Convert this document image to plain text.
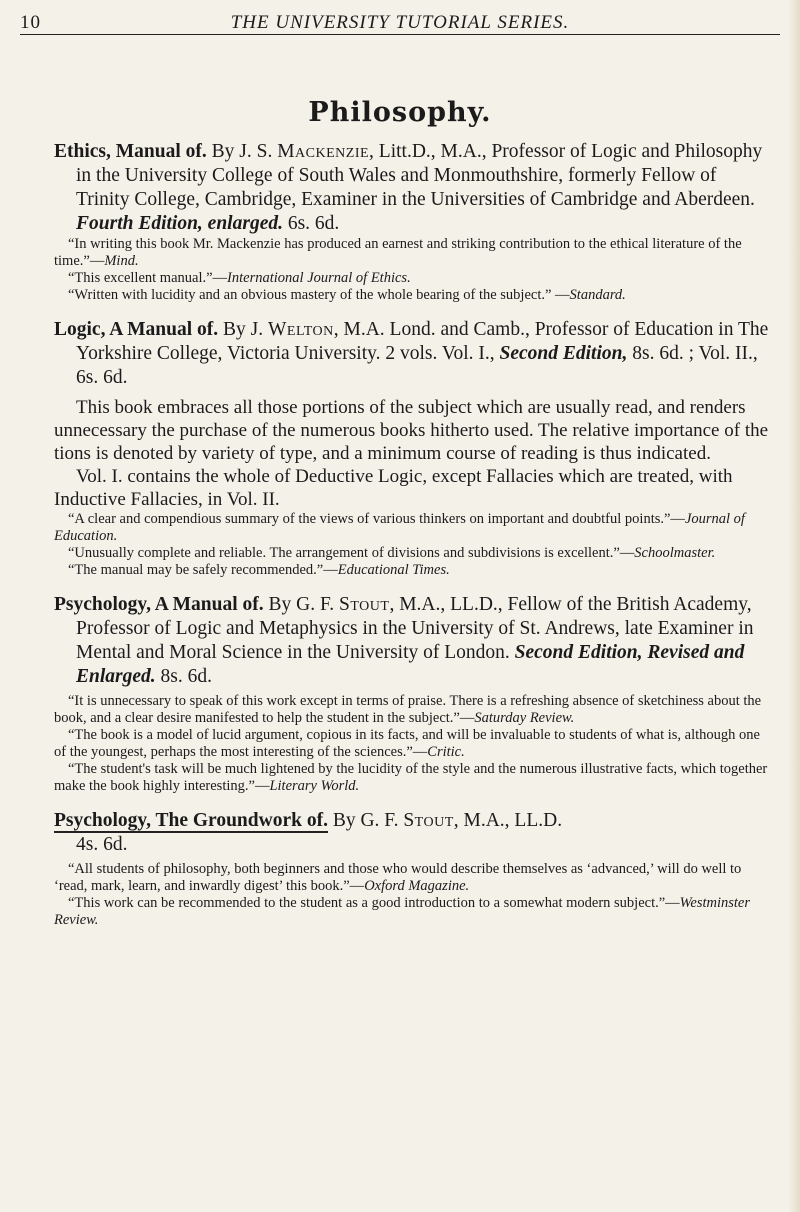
10	THE UNIVERSITY TUTORIAL SERIES.
Philosophy.
Ethics, Manual of. By J. S. Mackenzie, Litt.D., M.A., Professor of Logic and Philosophy in the University College of South Wales and Monmouthshire, formerly Fellow of Trinity College, Cambridge, Examiner in the Universities of Cambridge and Aberdeen. Fourth Edition, enlarged. 6s. 6d.

“In writing this book Mr. Mackenzie has produced an earnest and striking contribution to the ethical literature of the time.”—Mind.

“This excellent manual.”—International Journal of Ethics.

“Written with lucidity and an obvious mastery of the whole bearing of the subject.” —Standard.

Logic, A Manual of. By J. Welton, M.A. Lond. and Camb., Professor of Education in The Yorkshire College, Victoria University. 2 vols. Vol. I., Second Edition, 8s. 6d. ; Vol. II., 6s. 6d.

This book embraces all those portions of the subject which are usually read, and renders unnecessary the purchase of the numerous books hitherto used. The relative importance of the tions is denoted by variety of type, and a minimum course of reading is thus indicated.

Vol. I. contains the whole of Deductive Logic, except Fallacies which are treated, with Inductive Fallacies, in Vol. II.

“A clear and compendious summary of the views of various thinkers on important and doubtful points.”—Journal of Education.

“Unusually complete and reliable. The arrangement of divisions and subdivisions is excellent.”—Schoolmaster.

“The manual may be safely recommended.”—Educational Times.

Psychology, A Manual of. By G. F. Stout, M.A., LL.D., Fellow of the British Academy, Professor of Logic and Metaphysics in the University of St. Andrews, late Examiner in Mental and Moral Science in the University of London. Second Edition, Revised and Enlarged. 8s. 6d.

“It is unnecessary to speak of this work except in terms of praise. There is a refreshing absence of sketchiness about the book, and a clear desire manifested to help the student in the subject.”—Saturday Review.

“The book is a model of lucid argument, copious in its facts, and will be invaluable to students of what is, although one of the youngest, perhaps the most interesting of the sciences.”—Critic.

“The student's task will be much lightened by the lucidity of the style and the numerous illustrative facts, which together make the book highly interesting.”—Literary World.

Psychology, The Groundwork of. By G. F. Stout, M.A., LL.D.
4s. 6d.

“All students of philosophy, both beginners and those who would describe themselves as ‘advanced,’ will do well to ‘read, mark, learn, and inwardly digest’ this book.”—Oxford Magazine.

“This work can be recommended to the student as a good introduction to a somewhat modern subject.”—Westminster Review.
